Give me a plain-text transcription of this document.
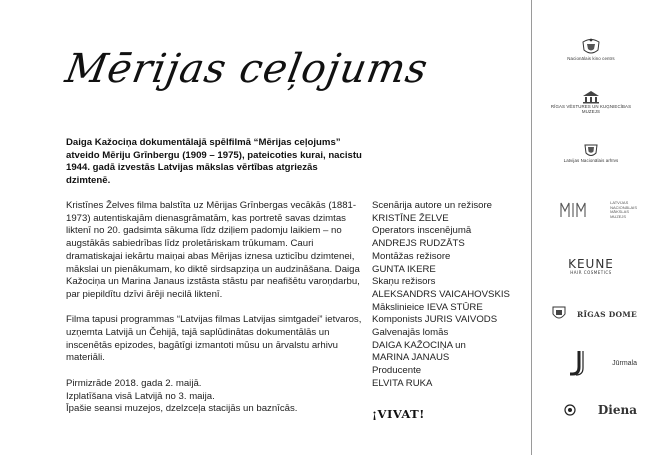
Mērijas ceļojums

Daiga Kažociņa dokumentālajā spēlfilmā “Mērijas ceļojums” atveido Mēriju Grīnbergu (1909 – 1975), pateicoties kurai, nacistu 1944. gadā izvestās Latvijas mākslas vērtības atgriezās dzimtenē.

Kristīnes Želves filma balstīta uz Mērijas Grīnbergas vecākās (1881-1973) autentiskajām dienasgrāmatām, kas portretē savas dzimtas liktenī no 20. gadsimta sākuma līdz dziļiem padomju laikiem – no augstākās sabiedrības līdz proletāriskam trūkumam. Cauri dramatiskajai iekārtu maiņai abas Mērijas iznesa uzticību dzimtenei, mākslai un pienākumam, ko diktē sirdsapziņa un audzināšana. Daiga Kažociņa un Marina Janaus izstāsta stāstu par neafišētu varoņdarbu, par piepildītu dzīvi ārēji necilā liktenī.

Filma tapusi programmas “Latvijas filmas Latvijas simtgadei” ietvaros, uzņemta Latvijā un Čehijā, tajā saplūdinātas dokumentālās un inscenētās epizodes, bagātīgi izmantoti mūsu un ārvalstu arhivu materiāli.

Pirmizrāde 2018. gada 2. maijā.
Izplatīšana visā Latvijā no 3. maija.
Īpašie seansi muzejos, dzelzceļa stacijās un baznīcās.
Scenārija autore un režisore
KRISTĪNE ŽELVE
Operators inscenējumā
ANDREJS RUDZĀTS
Montāžas režisore
GUNTA IKERE
Skaņu režisors
ALEKSANDRS VAICAHOVSKIS
Mākslinieice IEVA STŪRE
Komponists JURIS VAIVODS
Galvenajās lomās
DAIGA KAŽOCIŅA un
MARINA JANAUS
Producente
ELVITA RUKA
¡VIVAT!
Nacionālais kino centrs
RĪGAS VĒSTURES UN KUĢNIECĪBAS MUZEJS
Latvijas Nacionālais arhīvs
LATVIJAS
NACIONĀLAIS
MĀKSLAS
MUZEJS
KEUNE
HAIR COSMETICS
RĪGAS DOME
Jūrmala
Diena
